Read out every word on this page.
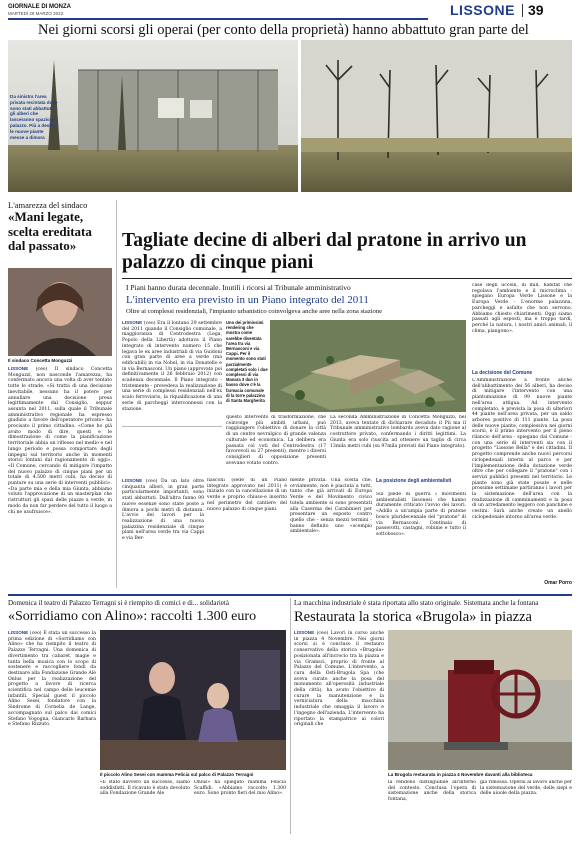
GIORNALE DI MONZA
MARTEDÌ 29 MARZO 2022	LISSONE 39
Nei giorni scorsi gli operai (per conto della proprietà) hanno abbattuto gran parte del
Da sinistra l'area privata recintata dove sono stati abbattuti gli alberi che lasceranno spazio al palazzo. Più a destra le nuove piante messe a dimora
L'amarezza del sindaco
«Mani legate, scelta ereditata dal passato»
Il sindaco Concetta Monguzzi
LISSONE (ceo) Il sindaco Concetta Monguzzi, non nasconde l'amarezza, ha confermato ancora una volta di aver tentato tutte le strade. «Si tratta di una decisione inevitabile, nessuno ha il potere per annullare una decisione presa legittimamente dal Consiglio, seppur assunta nel 2011, sulla quale il Tribunale amministrativo regionale ha espresso giudizio a favore dell'operatore privato» ha precisato il primo cittadino. «Come ho già avuto modo di dire, questi e le dimostrazione di come la pianificazione territoriale abbia un riflesso nel medio e nel lungo periodo e possa comportare degli impegni sul territorio anche in momenti storici lontani dal ragionamento di oggi». «Il Comune, cercando di mitigare l'impatto del nuovo palazzo di cinque piani per un totale di 4.500 metri cubi, ha deciso di puntare su una serie di interventi pubblici». «Da parte mia e della mia Giunta, abbiamo voluto l'approvazione di un masterplan che ristrutturi gli spazi delle piazze a verde, in modo da non far perdere del tutto il luogo a chi ne usufruisce».
Tagliate decine di alberi dal pratone in arrivo un palazzo di cinque piani
I Piani hanno durata decennale. Inutili i ricorsi al Tribunale amministrativo
L'intervento era previsto in un Piano integrato del 2011
Oltre ai complessi residenziali, l'impianto urbanistico coinvolgeva anche aree nella zona stazione
Uno dei primissimi rendering che mostra come sarebbe diventata l'area tra via Bernasconi e via Cappi. Per il momento sono stati parzialmente completati solo i due complessi di via Manara 3 dun in basso dove c'è la farmacia comunale di la torre palazzina di Santa Margherita
LISSONE (ceo) Era il lontano 29 settembre del 2011 quando il Consiglio comunale, a maggioranza di Centrodestra (Lega, Popolo della Libertà) adottava il Piano integrato di intervento numero 15 che legava le ex aree industriali di via Guidoni con gran parte di aree a verde (ma edificabili) in via Nobel, in via Donatello e in via Bernasconi. Un piano (approvato poi definitivamente il 26 febbraio 2012) con scadenza decennale. Il Piano integrato - tristemente - prevedeva la realizzazione di una serie di complessi residenziali nell'ex scalo ferroviario, la riqualificazione di una serie di parcheggi interconnessi con la stazione.
questo intervento di trasformazione, che coinvolge più ambiti urbani, può raggiungere l'obiettivo di donare la città di un centro nevralgico di grande valenza culturale ed economica. La delibera era passata col voti del Centrodestra (17 favorevoli su 27 presenti), mentre i diversi consiglieri di opposizione presenti avevano votato contro.
La seconda Amministrazione di Concetta Monguzzi, nel 2013, aveva tentato di dichiarare decaduto il Pii ma il Tribunale amministrativo lombardo aveva dato ragione al costruttore privato, confermando i diritti legittimi. La Giunta era solo riuscita ad ottenere un taglio di circa 13mila metri cubi (su 97mila previsti dal Piano integrato).
LISSONE (ceo) Da un lato oltre cinquanta alberi, in gran parte particolarmente importanti, sono stati abbattuti. Dall'altra fanno 99 nuove essenze sono state poste a dimora a pochi metri di distanza. L'avvio dei lavori per la realizzazione di una nuova palazzina residenziale di cinque piani nell'area verde tra via Cappi e via Ber-
nasconi (sede di un Piano integrato approvato nel 2011) è iniziato con la cancellazione di un verde e proprio chiuso-e inserito nel perimetro del cantiere del nuovo palazzo di cinque piani.
mente privata. Una scelta che, ovviamente, non è piaciuta a tutti, tanto che già arrivati di Europa Verde e del Movimento civico tutela ambiente si sono presentati alla Caserma dei Carabinieri per presentare un esposto contro quello che - senza mezzi termini - hanno definito uno «scempio ambientale».
La posizione degli ambientalisti
Sul piede di guerra i movimenti ambientalisti lissonesi che hanno duramente criticato l'avvio dei lavori. «Addio a un'ampia parte di pratone bosco pluridecennale del "pratone" di via Bernasconi. Centinaia di passerotti, castagni, robinie e tutto il sottobosco».
case degli uccelli, di mili, habitat che regolava l'ambiente e il microclima - spiegano Europa Verde Lissone e la Europa Verde - L'enorme palazzina, parcheggi e asfalto che non servono. Abbiamo chiesto chiarimenti. Oggi siamo passati agli esposti, ma è troppo tardi, perché la natura, i nostri amici animali, il clima, piangono».
La decisione del Comune
L'Amministrazione a fronte anche dell'abbattimento dei 56 alberi, ha deciso di mitigare l'intervento con una piantumazione di 99 nuove piante nell'area attigua. Ad intervento completato, è prevista la posa di ulteriori 44 piante nell'area privata, per un saldo arboreo positivo di 111 piante. La posa delle nuove piante, complessiva nei giorni scorsi, è il primo intervento per il pieno rilancio dell'area - spiegano dal Comune - con una serie di interventi sia con il progetto "Lissone Bella" e dei cittadini. Il progetto comprende anche nuovi percorsi ciclopedonali interni al parco e per l'implementazione della dotazione verde oltre che per collegare il "pratone" con i servizi pubblici presenti nel territorio. Le piante sono già state posate e nelle prossime settimane partiranno i lavori per la sistemazione dell'area con la realizzazione di camminamenti e la posa di un arredamento leggero con panchine e cestini. Sarà anche creato un anello ciclopedonale intorno all'area verde.
Omar Porro
Domenica il teatro di Palazzo Terragni si è riempito di comici e di... solidarietà
«Sorridiamo con Alino»: raccolti 1.300 euro
LISSONE (ceo) È stata un successo la prima edizione di «Sorridiamo con Alino» che ha riempito il teatro di Palazzo Terragni. Una domenica di divertimento tra cabaret, magie e tanta bella musica con lo scopo di sostenere e raccogliere fondi da destinare alla Fondazione Grande Alè Onlus per la realizzazione del progetto a favore di ricerca scientifica nel campo delle leucemie infantili. Special guest il piccolo Alino Sesei, fondatore con la Sindrome di Cornelia de Lange, accompagnato sul palco dai comici Stefano Vogogna, Giancarlo Barbara e Stefano Rizzuto.
Il piccolo Alino Sesei con mamma Felicia sul palco di Palazzo Terragni
«È stato davvero un successo, siamo soddisfatti. Il ricavato è stato devoluto alla Fondazione Grande Ale
Onlus» ha spiegato mamma Felicia Scaffidi. «Abbiamo raccolto 1.300 euro. Sono pronto fieri del mio Alino».
La macchina industriale è stata riportata allo stato originale. Sistemata anche la fontana
Restaurata la storica «Brugola» in piazza
LISSONE (ceo) Lavori in corso anche in piazza 4 Novembre. Nei giorni scorsi si è concluso il restauro conservativo della storica «Brugola» posizionata all'incrocio tra la piazza e via Gramsci, proprio di fronte al Palazzo del Comune. L'intervento, a cura della Osti-Brugola Spa (che aveva curato anche la posa del monumento all'operosità industriale della città), ha avuto l'obiettivo di curare la manutenzione e la verniciatura della macchina industriale che omaggia il lavoro e l'ingegno dell'azienda. L'intervento ha riportato la stampatrice ai colori originali che
La Brugola restaurata in piazza 4 Novembre davanti alla biblioteca
la rendono distinguibile all'interno del contesto. Conclusa l'opera di sistemazione anche della storica fontana,
già rimossa. Operai al lavoro anche per la sistemazione del verde, delle siepi e delle aiuole della piazza.
